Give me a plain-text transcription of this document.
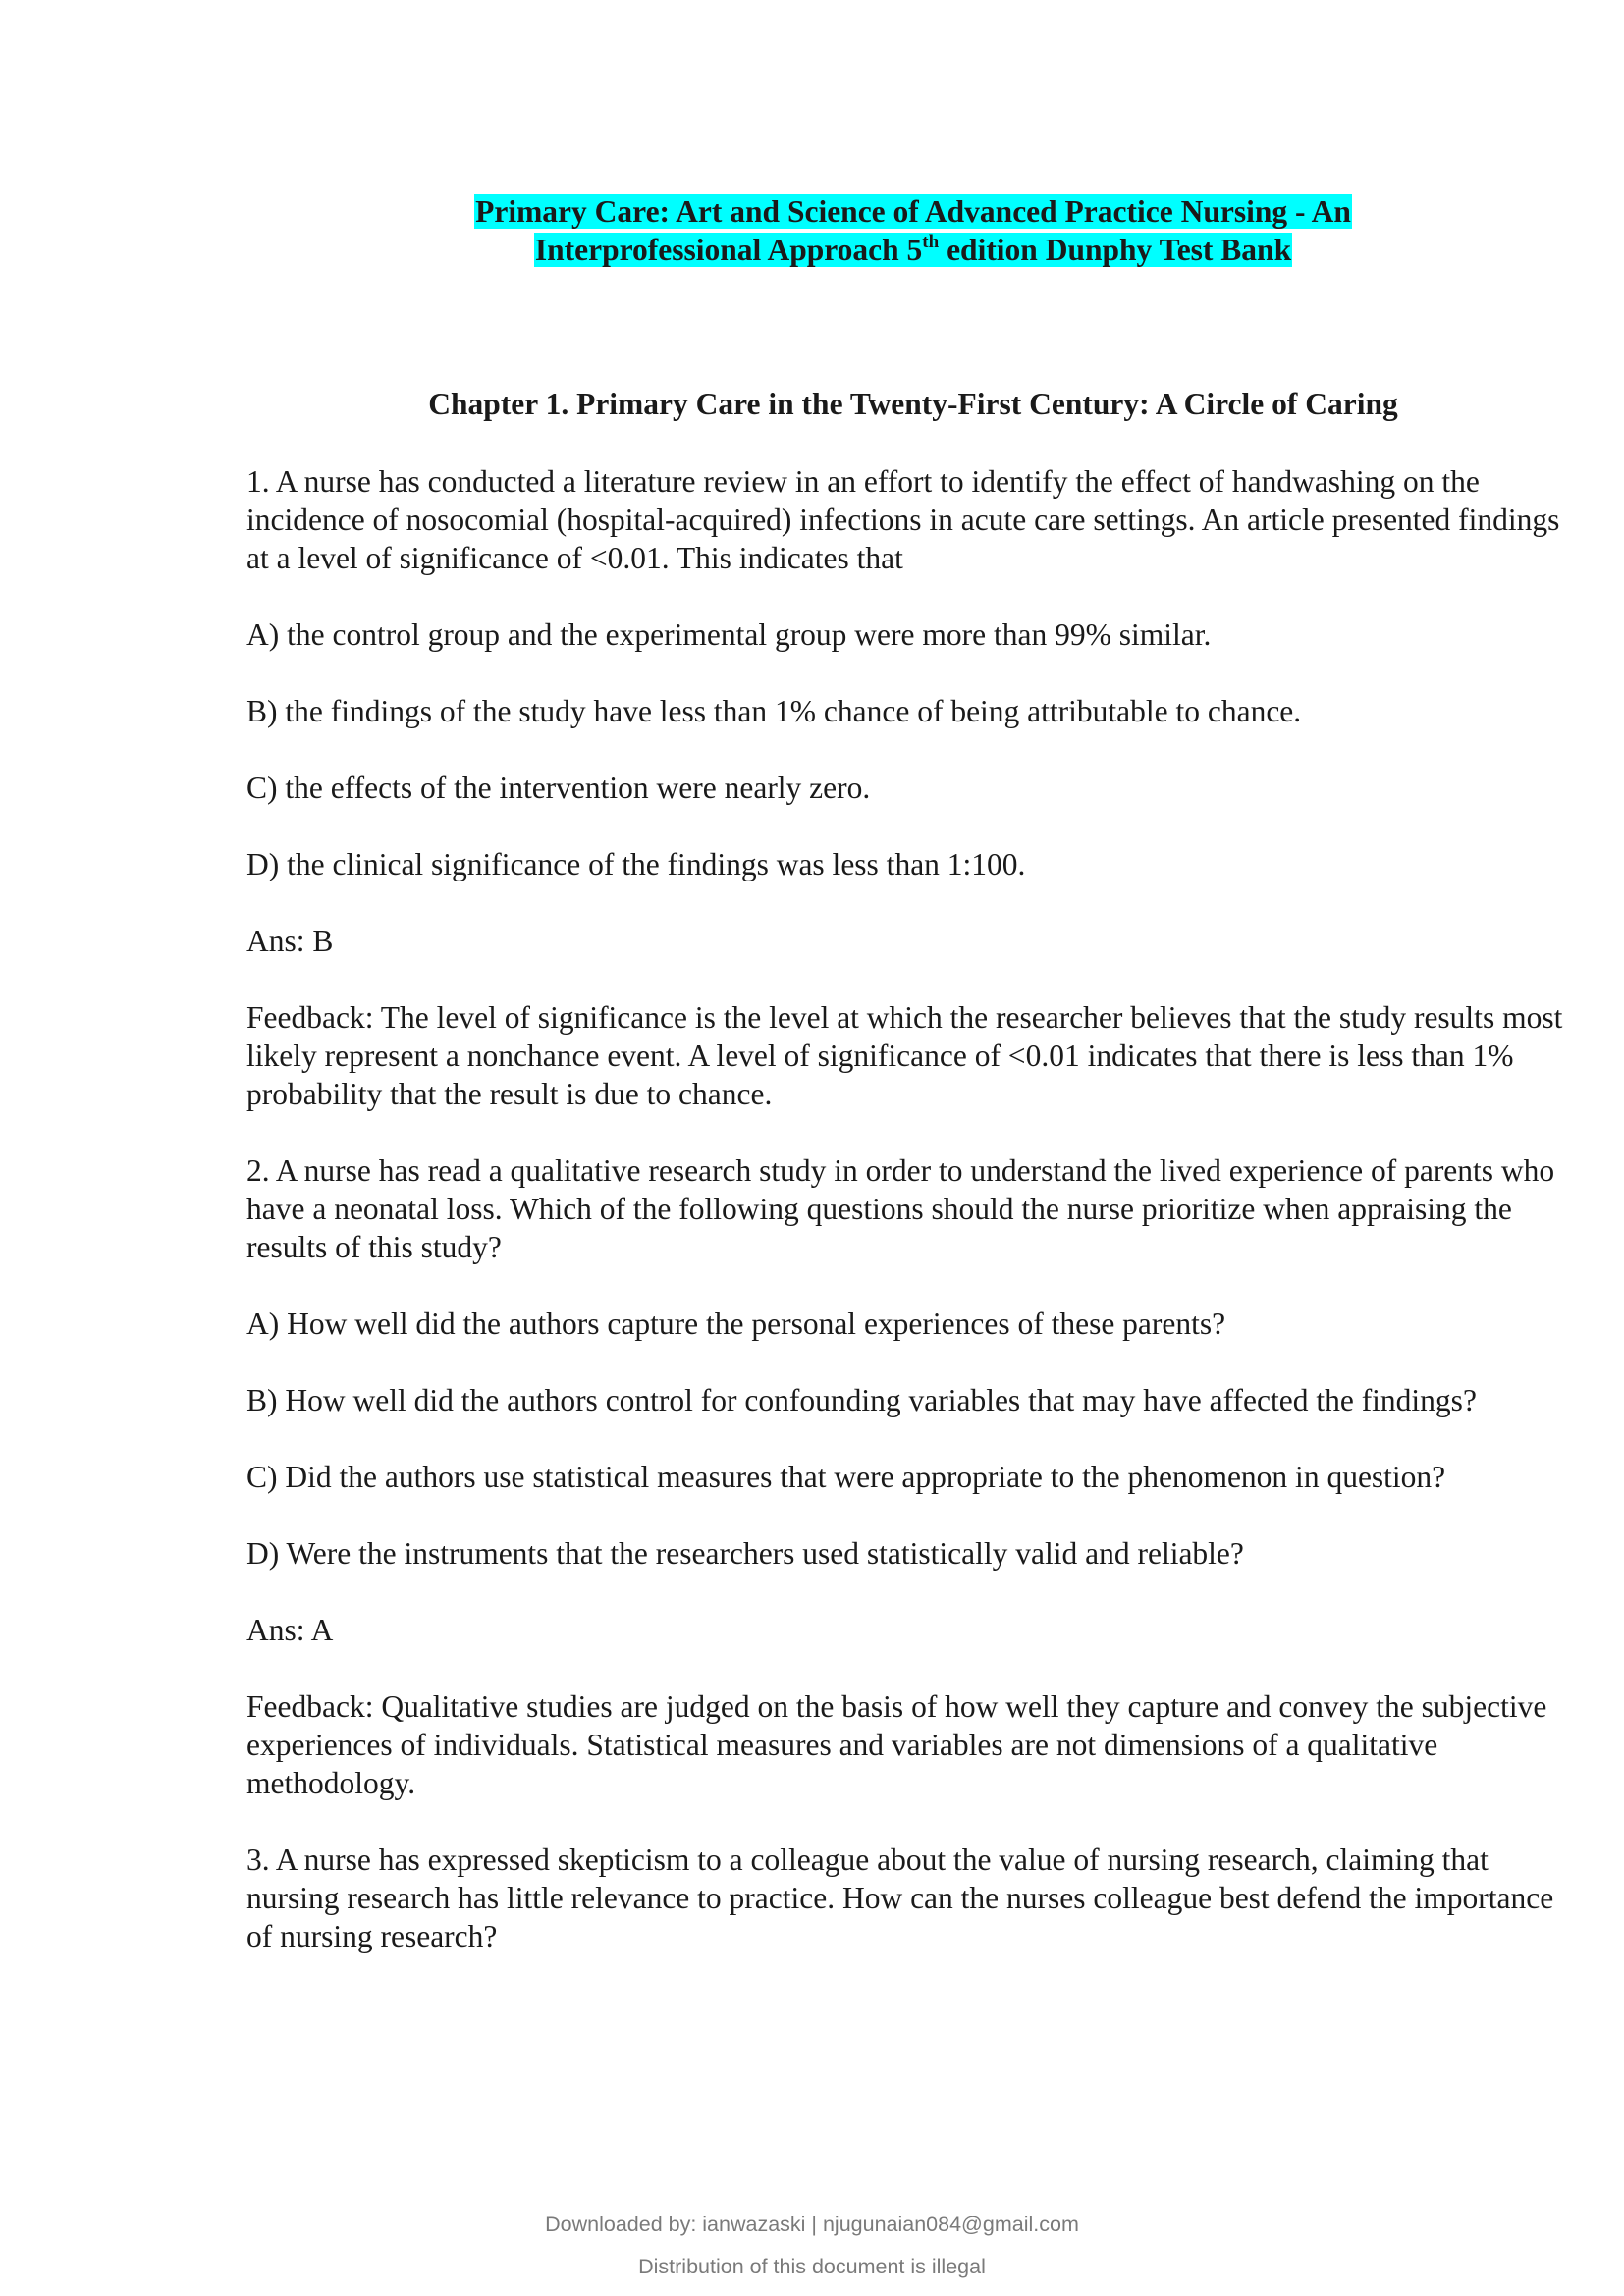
Primary Care: Art and Science of Advanced Practice Nursing - An
Interprofessional Approach 5th edition Dunphy Test Bank
Chapter 1. Primary Care in the Twenty-First Century: A Circle of Caring

1. A nurse has conducted a literature review in an effort to identify the effect of handwashing on the incidence of nosocomial (hospital-acquired) infections in acute care settings. An article presented findings at a level of significance of <0.01. This indicates that

A) the control group and the experimental group were more than 99% similar.

B) the findings of the study have less than 1% chance of being attributable to chance.

C) the effects of the intervention were nearly zero.

D) the clinical significance of the findings was less than 1:100.

Ans: B

Feedback: The level of significance is the level at which the researcher believes that the study results most likely represent a nonchance event. A level of significance of <0.01 indicates that there is less than 1% probability that the result is due to chance.

2. A nurse has read a qualitative research study in order to understand the lived experience of parents who have a neonatal loss. Which of the following questions should the nurse prioritize when appraising the results of this study?

A) How well did the authors capture the personal experiences of these parents?

B) How well did the authors control for confounding variables that may have affected the findings?

C) Did the authors use statistical measures that were appropriate to the phenomenon in question?

D) Were the instruments that the researchers used statistically valid and reliable?

Ans: A

Feedback: Qualitative studies are judged on the basis of how well they capture and convey the subjective experiences of individuals. Statistical measures and variables are not dimensions of a qualitative methodology.

3. A nurse has expressed skepticism to a colleague about the value of nursing research, claiming that nursing research has little relevance to practice. How can the nurses colleague best defend the importance of nursing research?

Downloaded by: ianwazaski | njugunaian084@gmail.com
Distribution of this document is illegal
